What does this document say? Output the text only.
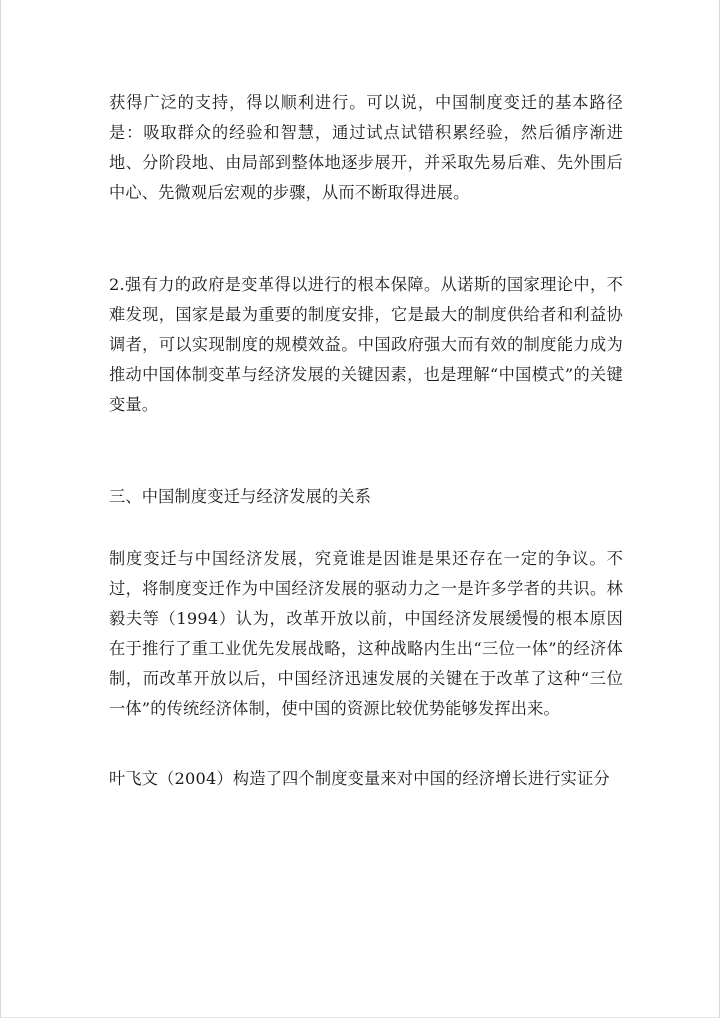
获得广泛的支持，得以顺利进行。可以说，中国制度变迁的基本路径是：吸取群众的经验和智慧，通过试点试错积累经验，然后循序渐进地、分阶段地、由局部到整体地逐步展开，并采取先易后难、先外围后中心、先微观后宏观的步骤，从而不断取得进展。

2.强有力的政府是变革得以进行的根本保障。从诺斯的国家理论中，不难发现，国家是最为重要的制度安排，它是最大的制度供给者和利益协调者，可以实现制度的规模效益。中国政府强大而有效的制度能力成为推动中国体制变革与经济发展的关键因素，也是理解“中国模式”的关键变量。

三、中国制度变迁与经济发展的关系

制度变迁与中国经济发展，究竟谁是因谁是果还存在一定的争议。不过，将制度变迁作为中国经济发展的驱动力之一是许多学者的共识。林毅夫等（1994）认为，改革开放以前，中国经济发展缓慢的根本原因在于推行了重工业优先发展战略，这种战略内生出“三位一体”的经济体制，而改革开放以后，中国经济迅速发展的关键在于改革了这种“三位一体”的传统经济体制，使中国的资源比较优势能够发挥出来。

叶飞文（2004）构造了四个制度变量来对中国的经济增长进行实证分
